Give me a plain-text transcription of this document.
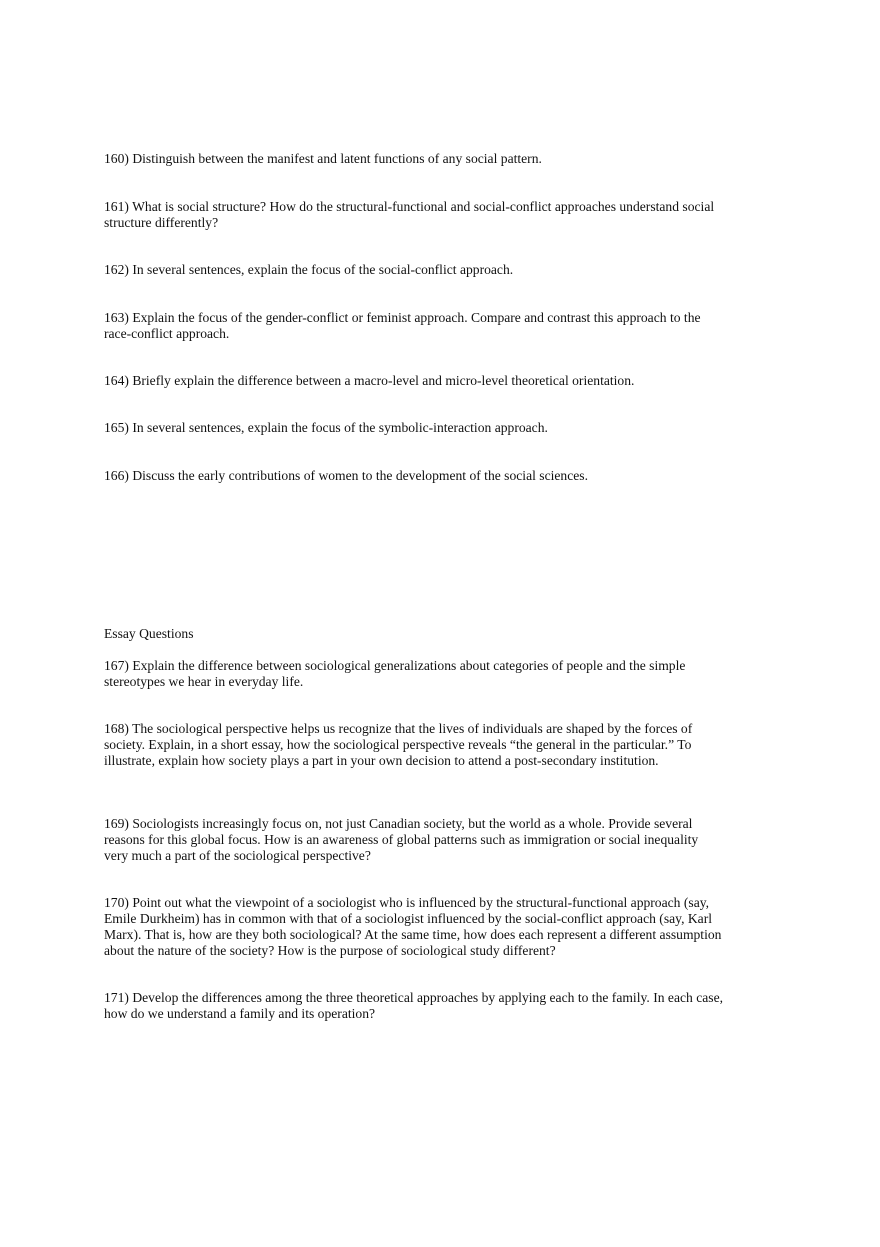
160) Distinguish between the manifest and latent functions of any social pattern.

161) What is social structure? How do the structural-functional and social-conflict approaches understand social structure differently?

162) In several sentences, explain the focus of the social-conflict approach.

163) Explain the focus of the gender-conflict or feminist approach. Compare and contrast this approach to the race-conflict approach.

164) Briefly explain the difference between a macro-level and micro-level theoretical orientation.

165) In several sentences, explain the focus of the symbolic-interaction approach.

166) Discuss the early contributions of women to the development of the social sciences.

Essay Questions

167) Explain the difference between sociological generalizations about categories of people and the simple stereotypes we hear in everyday life.

168) The sociological perspective helps us recognize that the lives of individuals are shaped by the forces of society. Explain, in a short essay, how the sociological perspective reveals “the general in the particular.” To illustrate, explain how society plays a part in your own decision to attend a post-secondary institution.

169) Sociologists increasingly focus on, not just Canadian society, but the world as a whole. Provide several reasons for this global focus. How is an awareness of global patterns such as immigration or social inequality very much a part of the sociological perspective?

170) Point out what the viewpoint of a sociologist who is influenced by the structural-functional approach (say, Emile Durkheim) has in common with that of a sociologist influenced by the social-conflict approach (say, Karl Marx). That is, how are they both sociological? At the same time, how does each represent a different assumption about the nature of the society? How is the purpose of sociological study different?

171) Develop the differences among the three theoretical approaches by applying each to the family. In each case, how do we understand a family and its operation?
